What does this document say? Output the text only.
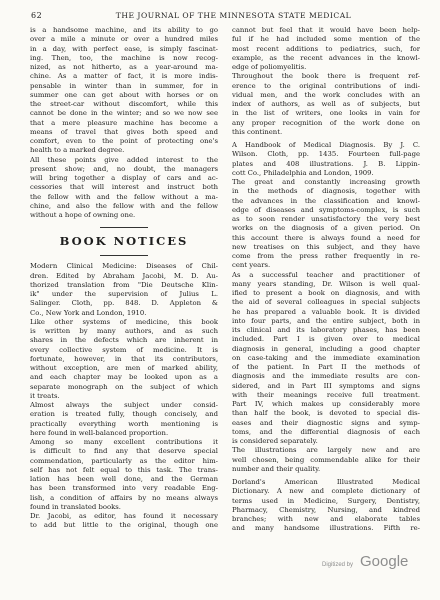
62	THE JOURNAL OF THE MINNESOTA STATE MEDICAL

is a handsome machine, and its ability to go

over a mile a minute or over a hundred miles

in a day, with perfect ease, is simply fascinat-

ing. Then, too, the machine is now recog-

nized, as not hitherto, as a year-around ma-

chine. As a matter of fact, it is more indis-

pensable in winter than in summer, for in

summer one can get about with horses or on

the street-car without discomfort, while this

cannot be done in the winter; and so we now see

that a mere pleasure machine has become a

means of travel that gives both speed and

comfort, even to the point of protecting one's

health to a marked degree.

All these points give added interest to the

present show; and, no doubt, the managers

will bring together a display of cars and ac-

cessories that will interest and instruct both

the fellow with and the fellow without a ma-

chine, and also the fellow with and the fellow

without a hope of owning one.

BOOK NOTICES

Modern Clinical Medicine: Diseases of Chil-

dren. Edited by Abraham Jacobi, M. D. Au-

thorized translation from "Die Deutsche Klin-

ik" under the supervision of Julius L.

Salinger. Cloth, pp. 848. D. Appleton &

Co., New York and London, 1910.

Like other systems of medicine, this book

is written by many authors, and as such

shares in the defects which are inherent in

every collective system of medicine. It is

fortunate, however, in that its contributors,

without exception, are men of marked ability,

and each chapter may be looked upon as a

separate monograph on the subject of which

it treats.

Almost always the subject under consid-

eration is treated fully, though concisely, and

practically everything worth mentioning is

here found in well-balanced proportion.

Among so many excellent contributions it

is difficult to find any that deserve special

commendation, particularly as the editor him-

self has not felt equal to this task. The trans-

lation has been well done, and the German

has been transformed into very readable Eng-

lish, a condition of affairs by no means always

found in translated books.

Dr. Jacobi, as editor, has found it necessary

to add but little to the original, though one

cannot but feel that it would have been help-

ful if he had included some mention of the

most recent additions to pediatrics, such, for

example, as the recent advances in the knowl-

edge of poliomyelitis.

Throughout the book there is frequent ref-

erence to the original contributions of indi-

vidual men, and the work concludes with an

index of authors, as well as of subjects, but

in the list of writers, one looks in vain for

any proper recognition of the work done on

this continent.

A Handbook of Medical Diagnosis. By J. C.

Wilson. Cloth, pp. 1435. Fourteen full-page

plates and 408 illustrations. J. B. Lippin-

cott Co., Philadelphia and London, 1909.

The great and constantly increasing growth

in the methods of diagnosis, together with

the advances in the classification and knowl-

edge of diseases and symptoms-complex, is such

as to soon render unsatisfactory the very best

works on the diagnosis of a given period. On

this account there is always found a need for

new treatises on this subject, and they have

come from the press rather frequently in re-

cent years.

As a successful teacher and practitioner of

many years standing, Dr. Wilson is well qual-

ified to present a book on diagnosis, and with

the aid of several colleagues in special subjects

he has prepared a valuable book. It is divided

into four parts, and the entire subject, both in

its clinical and its laboratory phases, has been

included. Part I is given over to medical

diagnosis in general, including a good chapter

on case-taking and the immediate examination

of the patient. In Part II the methods of

diagnosis and the immediate results are con-

sidered, and in Part III symptoms and signs

with their meanings receive full treatment.

Part IV, which makes up considerably more

than half the book, is devoted to special dis-

eases and their diagnostic signs and symp-

toms, and the differential diagnosis of each

is considered separately.

The illustrations are largely new and are

well chosen, being commendable alike for their

number and their quality.

Dorland's American Illustrated Medical

Dictionary. A new and complete dictionary of

terms used in Medicine, Surgery, Dentistry,

Pharmacy, Chemistry, Nursing, and kindred

branches; with new and elaborate tables

and many handsome illustrations. Fifth re-

Digitized by Google
